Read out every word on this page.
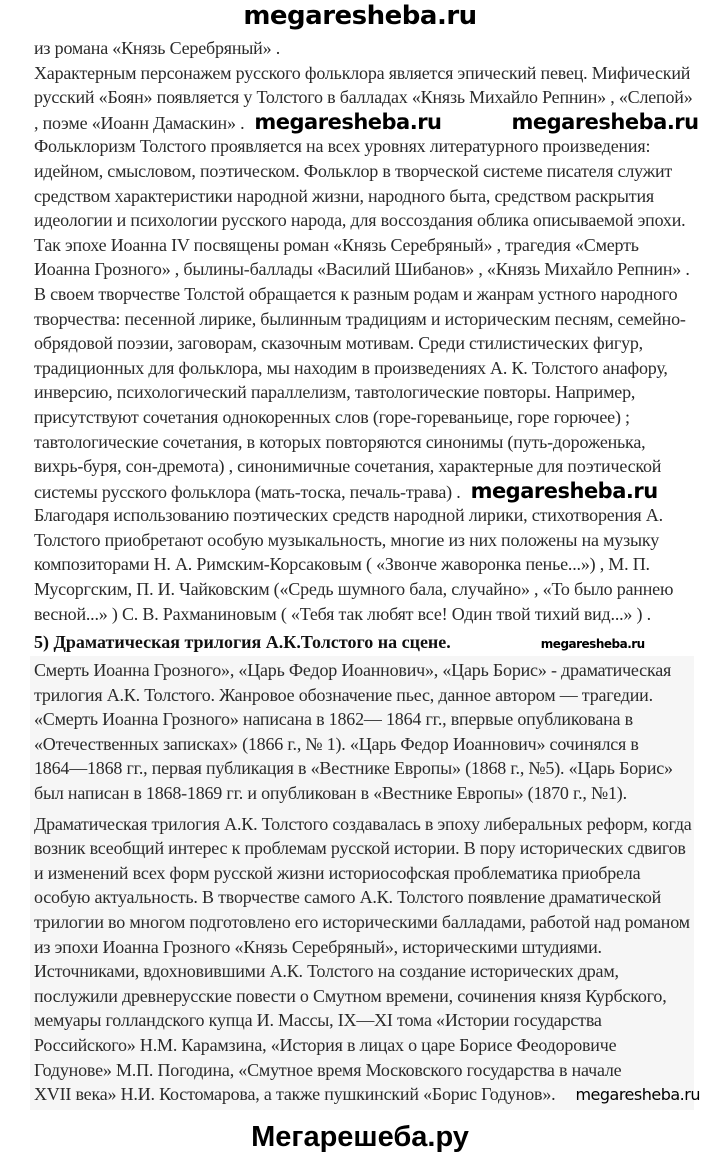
megaresheba.ru
из романа «Князь Серебряный» .
Характерным персонажем русского фольклора является эпический певец. Мифический
русский «Боян» появляется у Толстого в балладах «Князь Михайло Репнин» , «Слепой»
, поэме «Иоанн Дамаскин» . megaresheba.ru	megaresheba.ru
Фольклоризм Толстого проявляется на всех уровнях литературного произведения:
идейном, смысловом, поэтическом. Фольклор в творческой системе писателя служит
средством характеристики народной жизни, народного быта, средством раскрытия
идеологии и психологии русского народа, для воссоздания облика описываемой эпохи.
Так эпохе Иоанна IV посвящены роман «Князь Серебряный» , трагедия «Смерть
Иоанна Грозного» , былины-баллады «Василий Шибанов» , «Князь Михайло Репнин» .
В своем творчестве Толстой обращается к разным родам и жанрам устного народного
творчества: песенной лирике, былинным традициям и историческим песням, семейно-
обрядовой поэзии, заговорам, сказочным мотивам. Среди стилистических фигур,
традиционных для фольклора, мы находим в произведениях А. К. Толстого анафору,
инверсию, психологический параллелизм, тавтологические повторы. Например,
присутствуют сочетания однокоренных слов (горе-гореваньице, горе горючее) ;
тавтологические сочетания, в которых повторяются синонимы (путь-дороженька,
вихрь-буря, сон-дремота) , синонимичные сочетания, характерные для поэтической
системы русского фольклора (мать-тоска, печаль-трава) . megaresheba.ru
Благодаря использованию поэтических средств народной лирики, стихотворения А.
Толстого приобретают особую музыкальность, многие из них положены на музыку
композиторами Н. А. Римским-Корсаковым ( «Звонче жаворонка пенье...») , М. П.
Мусоргским, П. И. Чайковским («Средь шумного бала, случайно» , «То было раннею
весной...» ) С. В. Рахманиновым ( «Тебя так любят все! Один твой тихий вид...» ) .
5) Драматическая трилогия А.К.Толстого на сцене.	megaresheba.ru
Смерть Иоанна Грозного», «Царь Федор Иоаннович», «Царь Борис» - драматическая
трилогия А.К. Толстого. Жанровое обозначение пьес, данное автором — трагедии.
«Смерть Иоанна Грозного» написана в 1862— 1864 гг., впервые опубликована в
«Отечественных записках» (1866 г., № 1). «Царь Федор Иоаннович» сочинялся в
1864—1868 гг., первая публикация в «Вестнике Европы» (1868 г., №5). «Царь Борис»
был написан в 1868-1869 гг. и опубликован в «Вестнике Европы» (1870 г., №1).
Драматическая трилогия А.К. Толстого создавалась в эпоху либеральных реформ, когда
возник всеобщий интерес к проблемам русской истории. В пору исторических сдвигов
и изменений всех форм русской жизни историософская проблематика приобрела
особую актуальность. В творчестве самого А.К. Толстого появление драматической
трилогии во многом подготовлено его историческими балладами, работой над романом
из эпохи Иоанна Грозного «Князь Серебряный», историческими штудиями.
Источниками, вдохновившими А.К. Толстого на создание исторических драм,
послужили древнерусские повести о Смутном времени, сочинения князя Курбского,
мемуары голландского купца И. Массы, IX—XI тома «Истории государства
Российского» Н.М. Карамзина, «История в лицах о царе Борисе Феодоровиче
Годунове» М.П. Погодина, «Смутное время Московского государства в начале
XVII века» Н.И. Костомарова, а также пушкинский «Борис Годунов». megaresheba.ru
Мегарешеба.ру
